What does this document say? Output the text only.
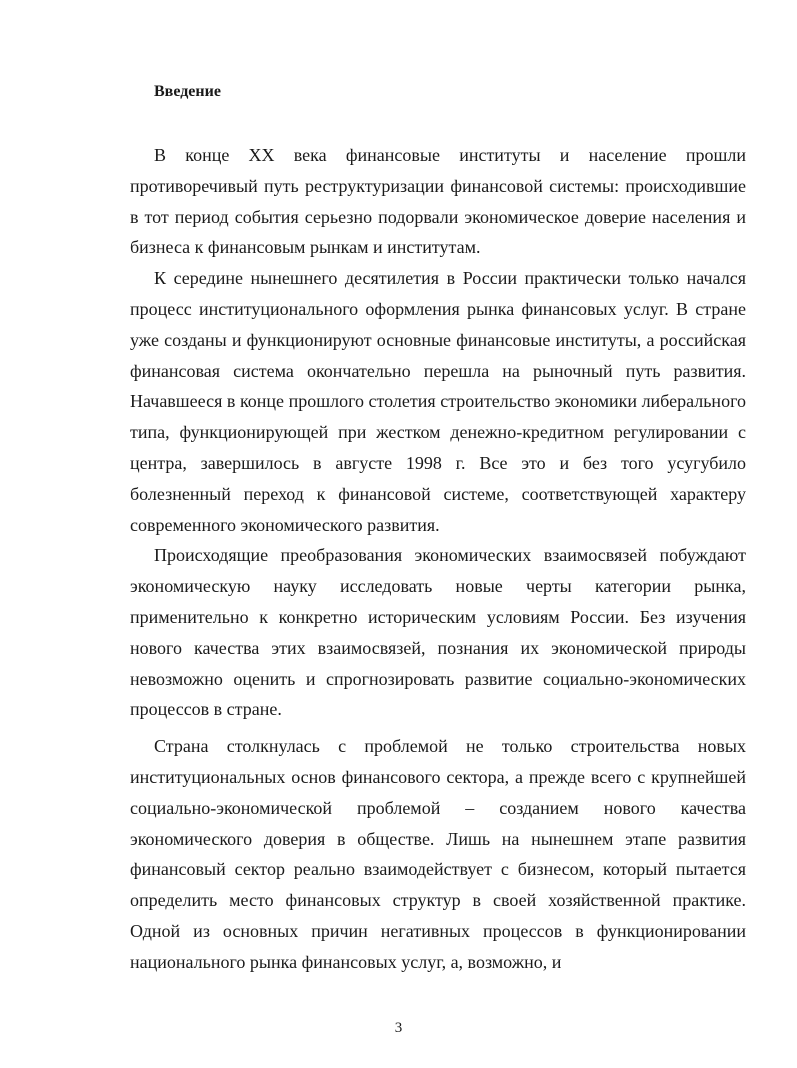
Введение

В конце XX века финансовые институты и население прошли противоречивый путь реструктуризации финансовой системы: происходившие в тот период события серьезно подорвали экономическое доверие населения и бизнеса к финансовым рынкам и институтам.

К середине нынешнего десятилетия в России практически только начался процесс институционального оформления рынка финансовых услуг. В стране уже созданы и функционируют основные финансовые институты, а российская финансовая система окончательно перешла на рыночный путь развития. Начавшееся в конце прошлого столетия строительство экономики либерального типа, функционирующей при жестком денежно-кредитном регулировании с центра, завершилось в августе 1998 г. Все это и без того усугубило болезненный переход к финансовой системе, соответствующей характеру современного экономического развития.

Происходящие преобразования экономических взаимосвязей побуждают экономическую науку исследовать новые черты категории рынка, применительно к конкретно историческим условиям России. Без изучения нового качества этих взаимосвязей, познания их экономической природы невозможно оценить и спрогнозировать развитие социально-экономических процессов в стране.

Страна столкнулась с проблемой не только строительства новых институциональных основ финансового сектора, а прежде всего с крупнейшей социально-экономической проблемой – созданием нового качества экономического доверия в обществе. Лишь на нынешнем этапе развития финансовый сектор реально взаимодействует с бизнесом, который пытается определить место финансовых структур в своей хозяйственной практике. Одной из основных причин негативных процессов в функционировании национального рынка финансовых услуг, а, возможно, и

3
